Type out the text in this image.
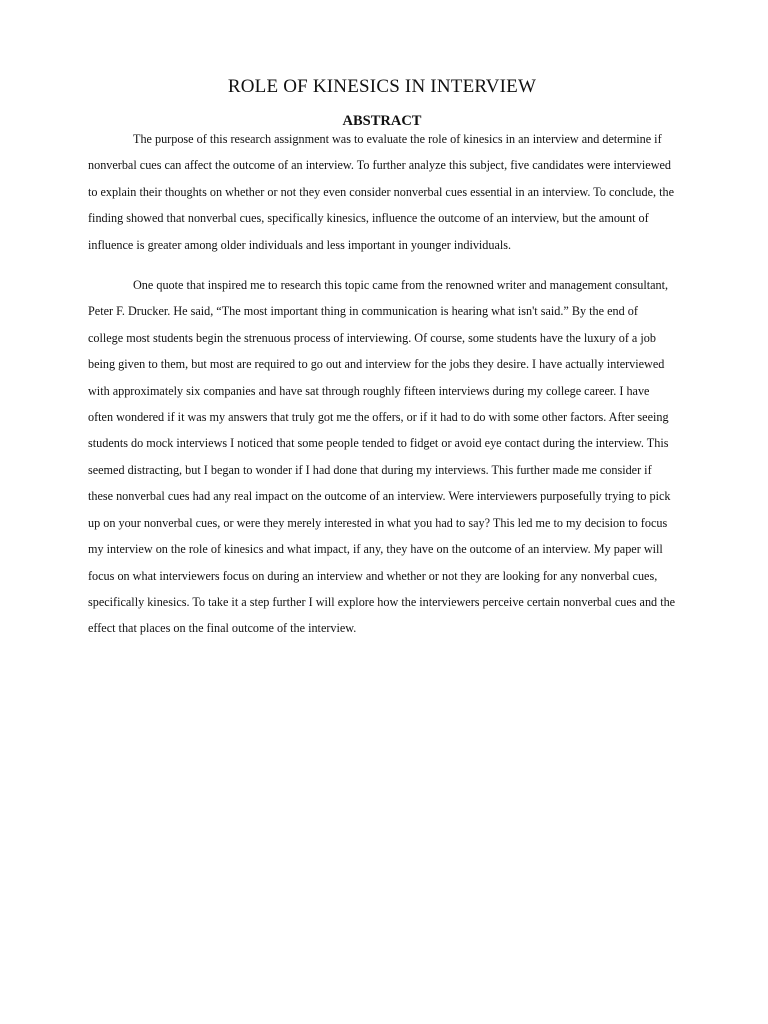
ROLE OF KINESICS IN INTERVIEW
ABSTRACT

The purpose of this research assignment was to evaluate the role of kinesics in an interview and determine if nonverbal cues can affect the outcome of an interview. To further analyze this subject, five candidates were interviewed to explain their thoughts on whether or not they even consider nonverbal cues essential in an interview. To conclude, the finding showed that nonverbal cues, specifically kinesics, influence the outcome of an interview, but the amount of influence is greater among older individuals and less important in younger individuals.

One quote that inspired me to research this topic came from the renowned writer and management consultant, Peter F. Drucker. He said, “The most important thing in communication is hearing what isn't said.” By the end of college most students begin the strenuous process of interviewing. Of course, some students have the luxury of a job being given to them, but most are required to go out and interview for the jobs they desire. I have actually interviewed with approximately six companies and have sat through roughly fifteen interviews during my college career. I have often wondered if it was my answers that truly got me the offers, or if it had to do with some other factors. After seeing students do mock interviews I noticed that some people tended to fidget or avoid eye contact during the interview. This seemed distracting, but I began to wonder if I had done that during my interviews. This further made me consider if these nonverbal cues had any real impact on the outcome of an interview. Were interviewers purposefully trying to pick up on your nonverbal cues, or were they merely interested in what you had to say? This led me to my decision to focus my interview on the role of kinesics and what impact, if any, they have on the outcome of an interview. My paper will focus on what interviewers focus on during an interview and whether or not they are looking for any nonverbal cues, specifically kinesics. To take it a step further I will explore how the interviewers perceive certain nonverbal cues and the effect that places on the final outcome of the interview.
